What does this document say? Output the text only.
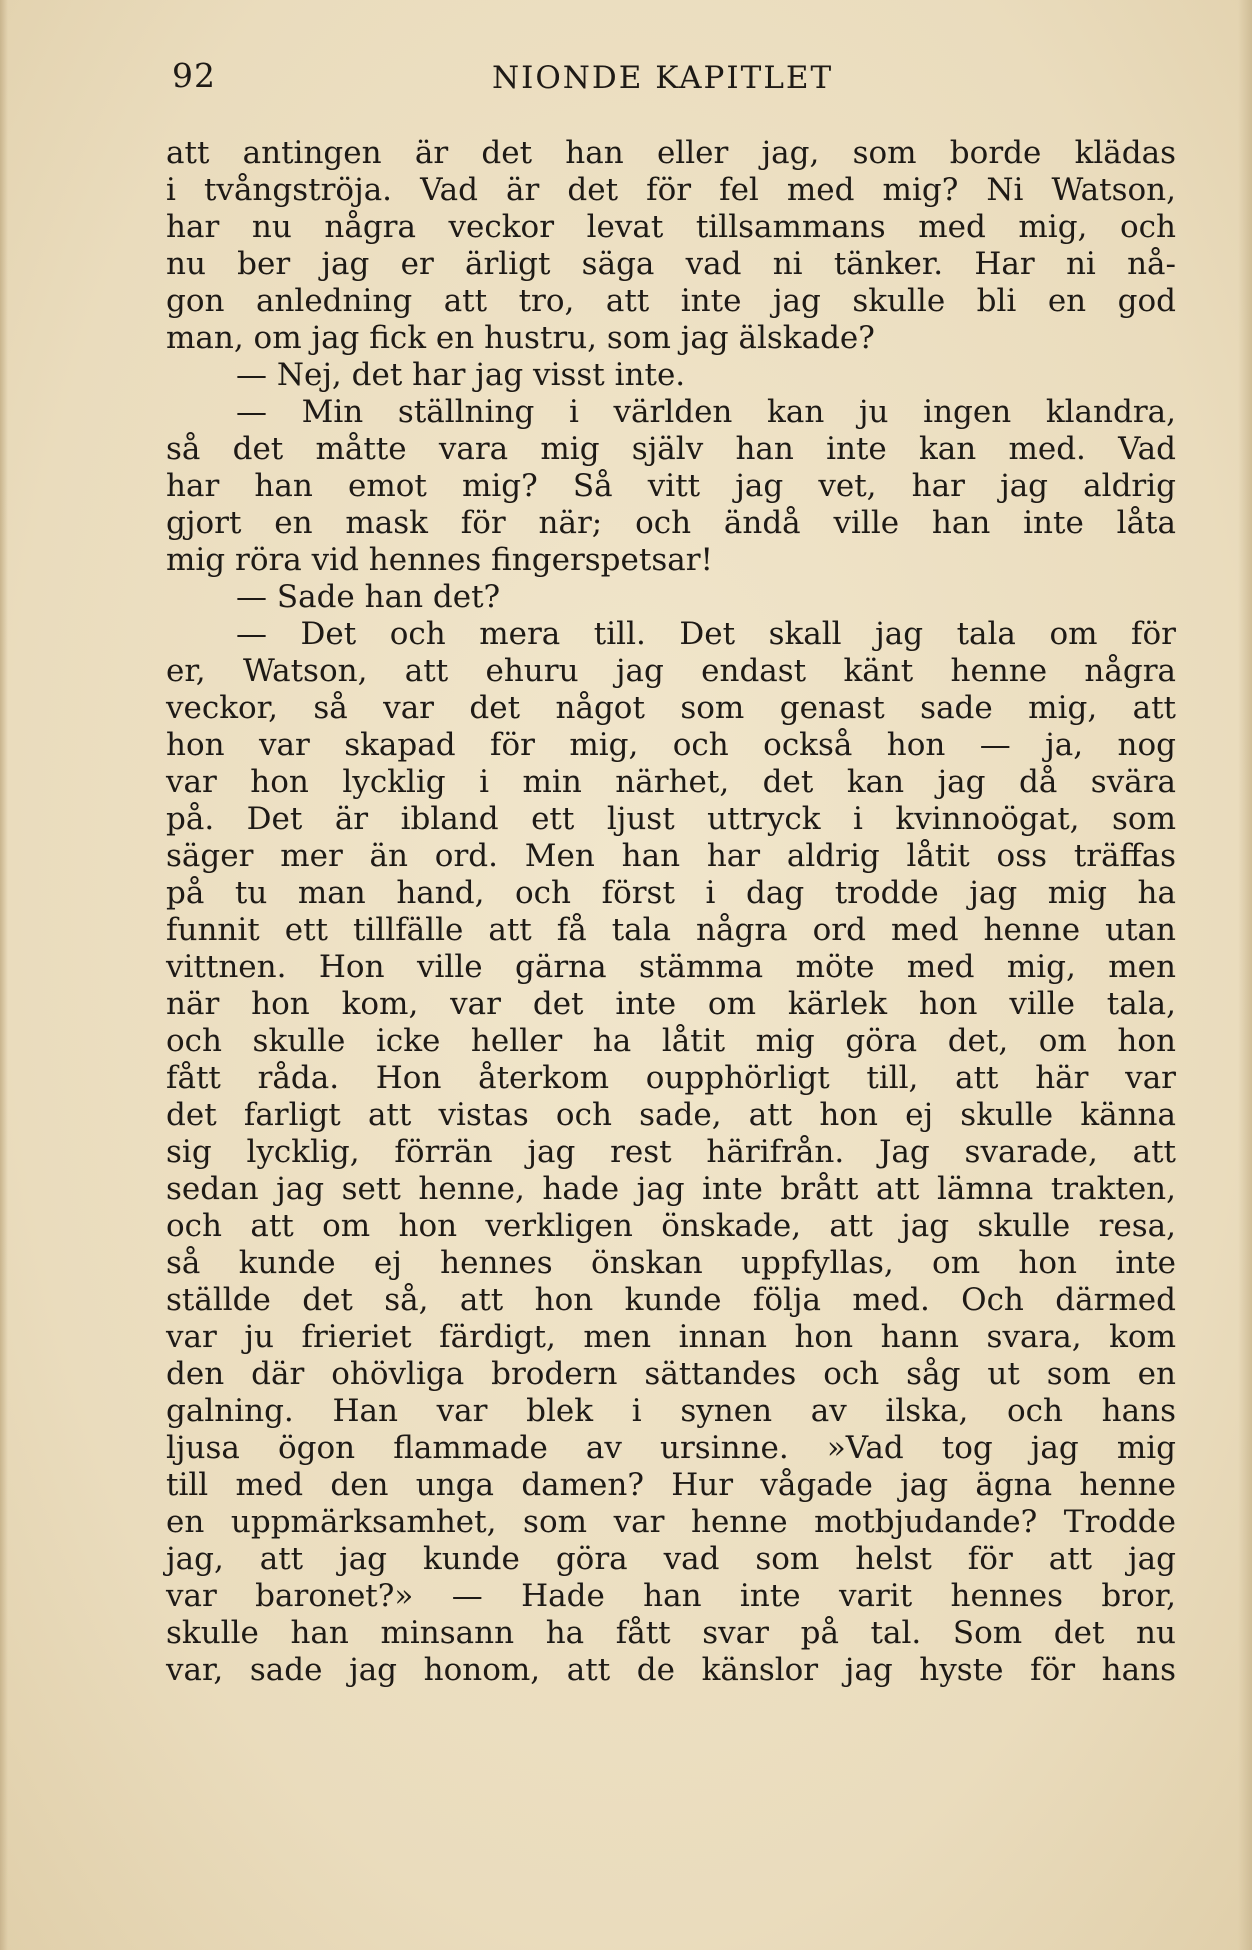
92	NIONDE KAPITLET
att antingen är det han eller jag, som borde klädas
i tvångströja. Vad är det för fel med mig? Ni Watson,
har nu några veckor levat tillsammans med mig, och
nu ber jag er ärligt säga vad ni tänker. Har ni nå-
gon anledning att tro, att inte jag skulle bli en god
man, om jag fick en hustru, som jag älskade?
— Nej, det har jag visst inte.
— Min ställning i världen kan ju ingen klandra,
så det måtte vara mig själv han inte kan med. Vad
har han emot mig? Så vitt jag vet, har jag aldrig
gjort en mask för när; och ändå ville han inte låta
mig röra vid hennes fingerspetsar!
— Sade han det?
— Det och mera till. Det skall jag tala om för
er, Watson, att ehuru jag endast känt henne några
veckor, så var det något som genast sade mig, att
hon var skapad för mig, och också hon — ja, nog
var hon lycklig i min närhet, det kan jag då svära
på. Det är ibland ett ljust uttryck i kvinnoögat, som
säger mer än ord. Men han har aldrig låtit oss träffas
på tu man hand, och först i dag trodde jag mig ha
funnit ett tillfälle att få tala några ord med henne utan
vittnen. Hon ville gärna stämma möte med mig, men
när hon kom, var det inte om kärlek hon ville tala,
och skulle icke heller ha låtit mig göra det, om hon
fått råda. Hon återkom oupphörligt till, att här var
det farligt att vistas och sade, att hon ej skulle känna
sig lycklig, förrän jag rest härifrån. Jag svarade, att
sedan jag sett henne, hade jag inte brått att lämna trakten,
och att om hon verkligen önskade, att jag skulle resa,
så kunde ej hennes önskan uppfyllas, om hon inte
ställde det så, att hon kunde följa med. Och därmed
var ju frieriet färdigt, men innan hon hann svara, kom
den där ohövliga brodern sättandes och såg ut som en
galning. Han var blek i synen av ilska, och hans
ljusa ögon flammade av ursinne. »Vad tog jag mig
till med den unga damen? Hur vågade jag ägna henne
en uppmärksamhet, som var henne motbjudande? Trodde
jag, att jag kunde göra vad som helst för att jag
var baronet?» — Hade han inte varit hennes bror,
skulle han minsann ha fått svar på tal. Som det nu
var, sade jag honom, att de känslor jag hyste för hans
